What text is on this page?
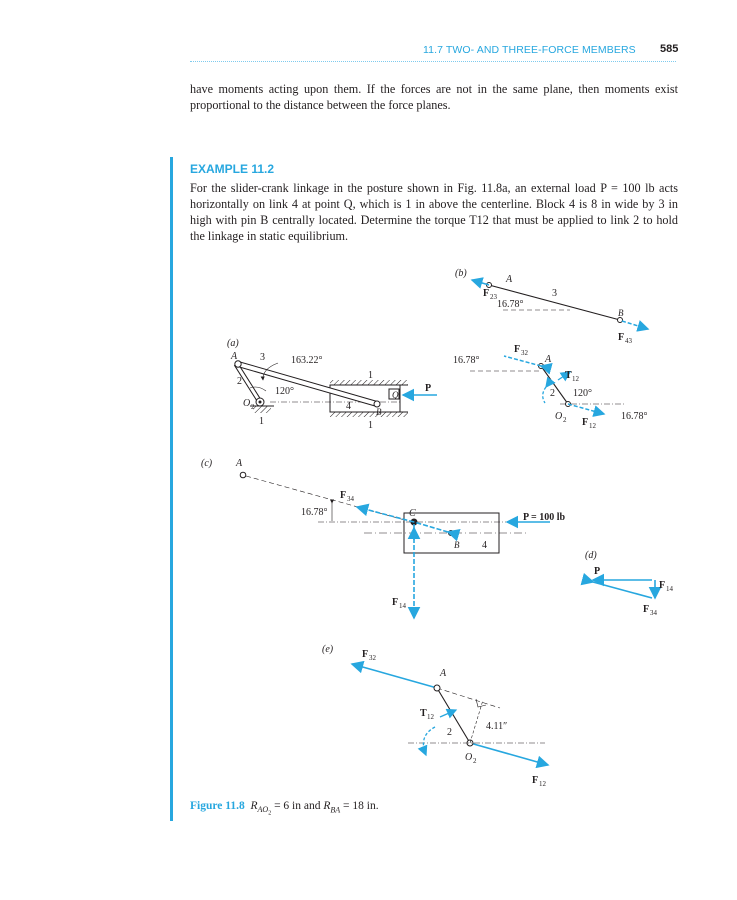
11.7 TWO- AND THREE-FORCE MEMBERS 585
have moments acting upon them. If the forces are not in the same plane, then moments exist proportional to the distance between the force planes.
EXAMPLE 11.2
For the slider-crank linkage in the posture shown in Fig. 11.8a, an external load P = 100 lb acts horizontally on link 4 at point Q, which is 1 in above the centerline. Block 4 is 8 in wide by 3 in high with pin B centrally located. Determine the torque T12 that must be applied to link 2 to hold the linkage in static equilibrium.
(a)
A 3	163.22°
2
120°
O 2
1
1
1
4	B
Q
P
(b)
A
F 23
16.78°
3
B
F 43
16.78°
F 32
A
T 12
2 120°
O 2 F 12
16.78°
(c) A
F 34
16.78°	C	P = 100 lb
B 4
F 14
(d)
P
F 14
F 34
(e)	F 32
A
T 12
4.11″
2
O 2
F 12
Figure 11.8 $R_{AO_2} = 6$ in and $R_{BA} = 18$ in.
